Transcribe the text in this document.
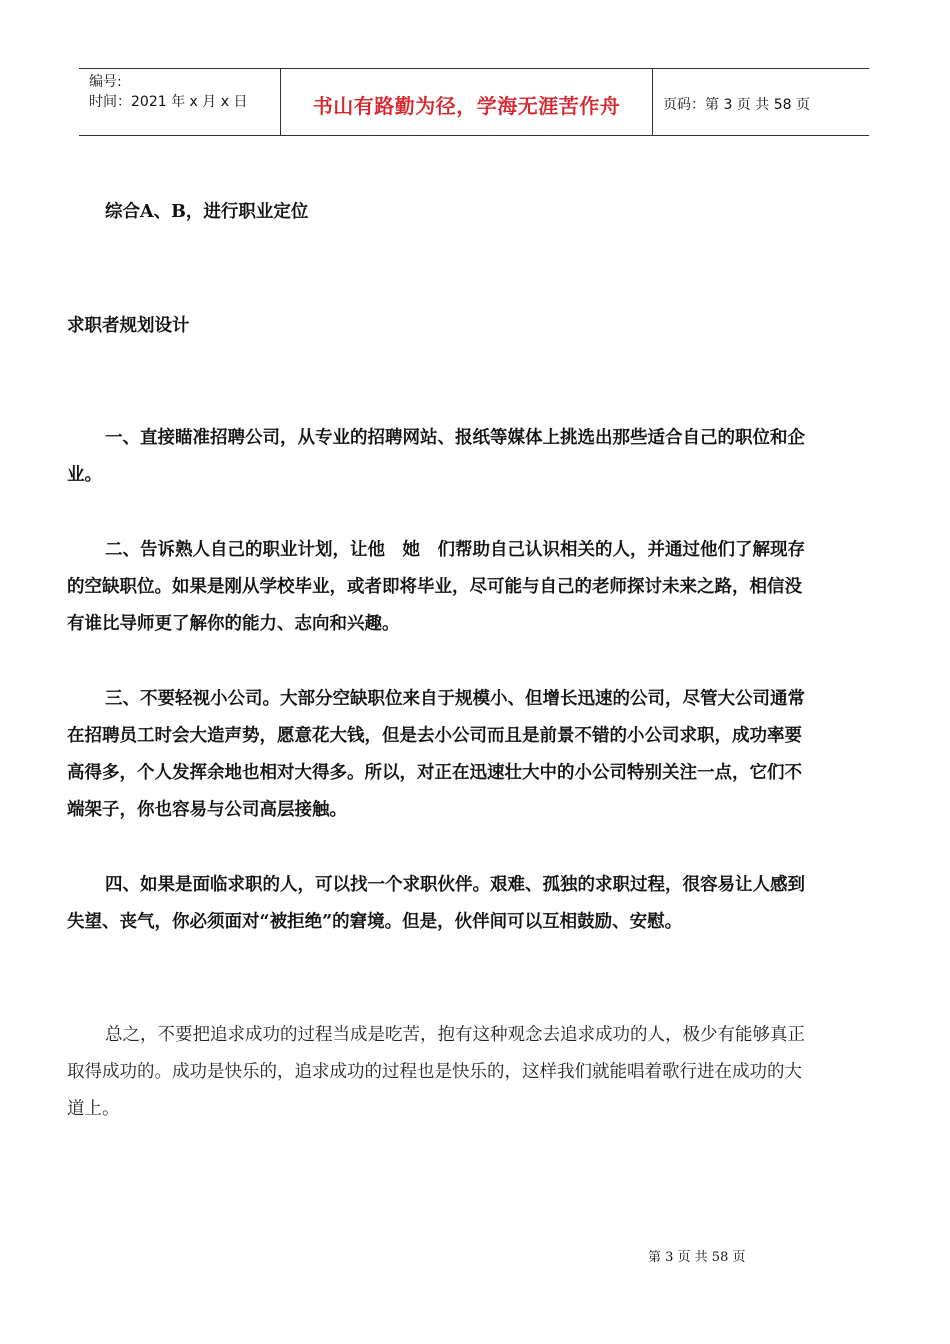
编号:
时间：2021 年 x 月 x 日	书山有路勤为径，学海无涯苦作舟	页码：第 3 页 共 58 页
综合A、B，进行职业定位
求职者规划设计
一、直接瞄准招聘公司，从专业的招聘网站、报纸等媒体上挑选出那些适合自己的职位和企
业。
二、告诉熟人自己的职业计划，让他　她　们帮助自己认识相关的人，并通过他们了解现存
的空缺职位。如果是刚从学校毕业，或者即将毕业，尽可能与自己的老师探讨未来之路，相信没
有谁比导师更了解你的能力、志向和兴趣。
三、不要轻视小公司。大部分空缺职位来自于规模小、但增长迅速的公司，尽管大公司通常
在招聘员工时会大造声势，愿意花大钱，但是去小公司而且是前景不错的小公司求职，成功率要
高得多，个人发挥余地也相对大得多。所以，对正在迅速壮大中的小公司特别关注一点，它们不
端架子，你也容易与公司高层接触。
四、如果是面临求职的人，可以找一个求职伙伴。艰难、孤独的求职过程，很容易让人感到
失望、丧气，你必须面对“被拒绝”的窘境。但是，伙伴间可以互相鼓励、安慰。
总之，不要把追求成功的过程当成是吃苦，抱有这种观念去追求成功的人，极少有能够真正
取得成功的。成功是快乐的，追求成功的过程也是快乐的，这样我们就能唱着歌行进在成功的大
道上。
第 3 页 共 58 页
